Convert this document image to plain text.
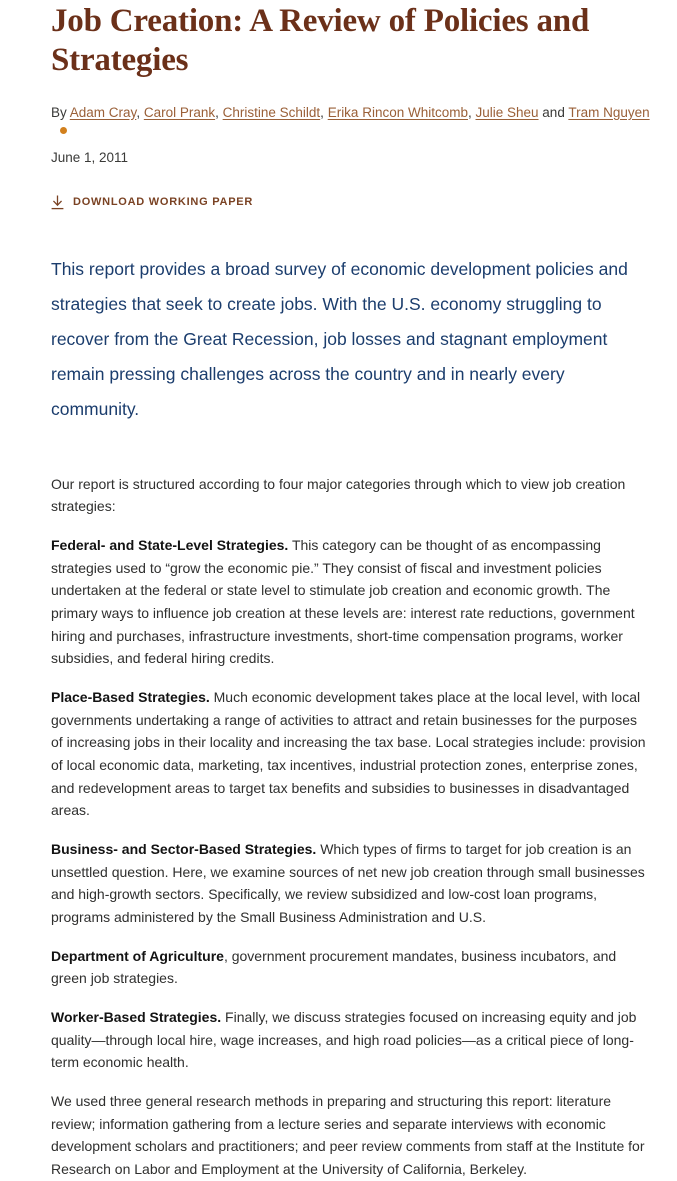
Job Creation: A Review of Policies and Strategies
By Adam Cray, Carol Prank, Christine Schildt, Erika Rincon Whitcomb, Julie Sheu and Tram Nguyen
June 1, 2011
DOWNLOAD WORKING PAPER
This report provides a broad survey of economic development policies and strategies that seek to create jobs. With the U.S. economy struggling to recover from the Great Recession, job losses and stagnant employment remain pressing challenges across the country and in nearly every community.

Our report is structured according to four major categories through which to view job creation strategies:

Federal- and State-Level Strategies. This category can be thought of as encompassing strategies used to “grow the economic pie.” They consist of fiscal and investment policies undertaken at the federal or state level to stimulate job creation and economic growth. The primary ways to influence job creation at these levels are: interest rate reductions, government hiring and purchases, infrastructure investments, short-time compensation programs, worker subsidies, and federal hiring credits.

Place-Based Strategies. Much economic development takes place at the local level, with local governments undertaking a range of activities to attract and retain businesses for the purposes of increasing jobs in their locality and increasing the tax base. Local strategies include: provision of local economic data, marketing, tax incentives, industrial protection zones, enterprise zones, and redevelopment areas to target tax benefits and subsidies to businesses in disadvantaged areas.

Business- and Sector-Based Strategies. Which types of firms to target for job creation is an unsettled question. Here, we examine sources of net new job creation through small businesses and high-growth sectors. Specifically, we review subsidized and low-cost loan programs, programs administered by the Small Business Administration and U.S.

Department of Agriculture, government procurement mandates, business incubators, and green job strategies.

Worker-Based Strategies. Finally, we discuss strategies focused on increasing equity and job quality—through local hire, wage increases, and high road policies—as a critical piece of long-term economic health.

We used three general research methods in preparing and structuring this report: literature review; information gathering from a lecture series and separate interviews with economic development scholars and practitioners; and peer review comments from staff at the Institute for Research on Labor and Employment at the University of California, Berkeley.
